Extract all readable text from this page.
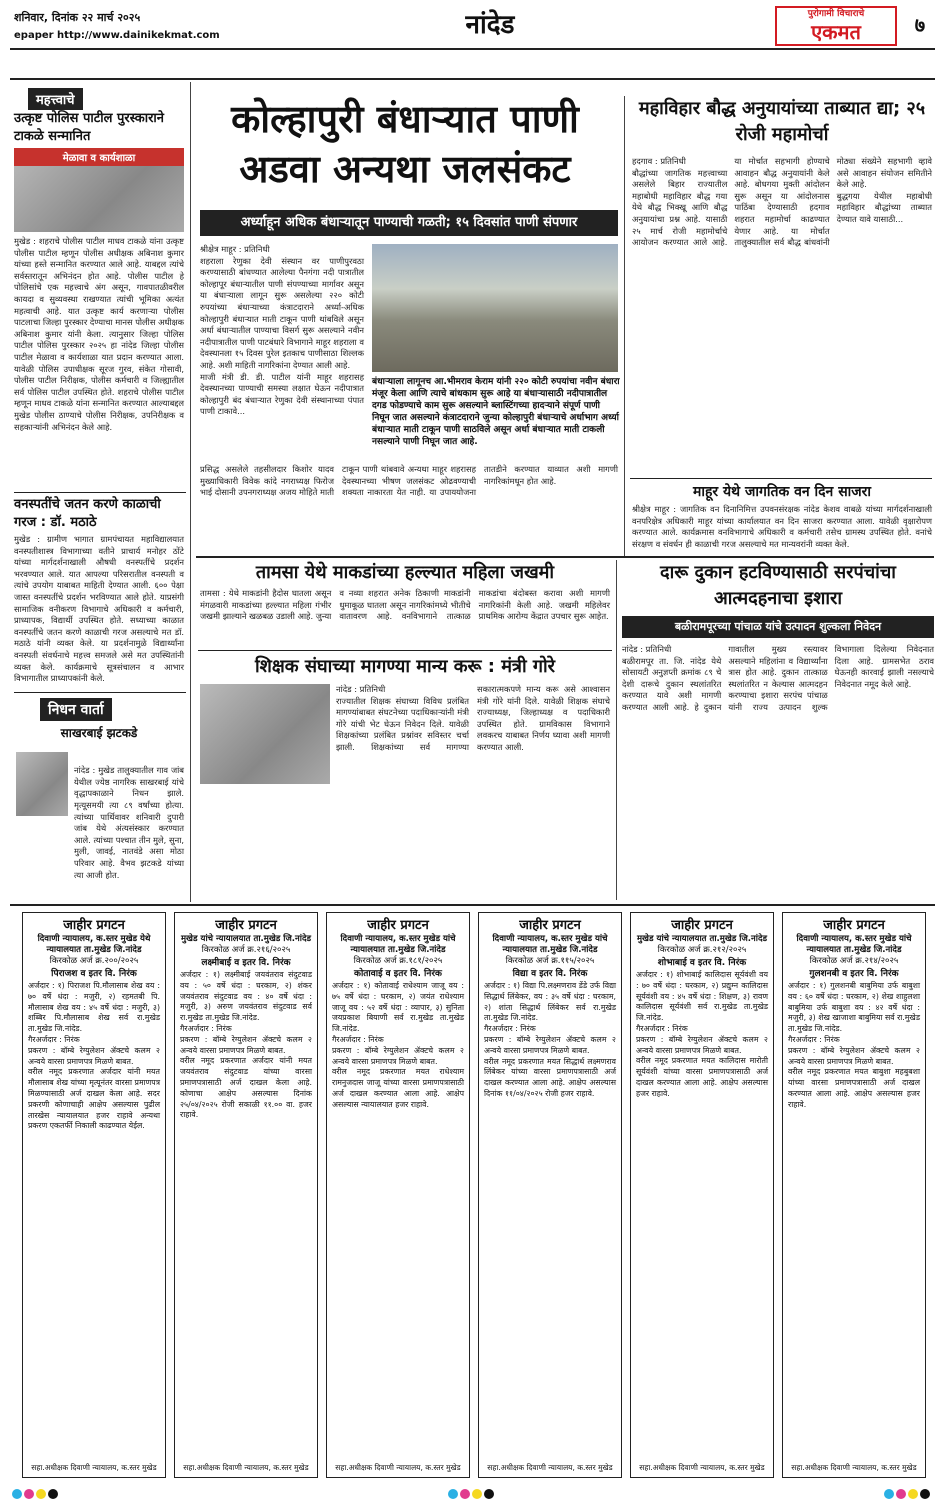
शनिवार, दिनांक २२ मार्च २०२५
epaper http://www.dainikekmat.com	नांदेड	पुरोगामी विचाराचे
एकमत	७
महत्त्वाचे
उत्कृष्ट पोलिस पाटील पुरस्काराने टाकळे सन्मानित
मेळावा व कार्यशाळा
मुखेड : शहराचे पोलीस पाटील माधव टाकळे यांना उत्कृष्ट पोलीस पाटील म्हणून पोलीस अधीक्षक अबिनाश कुमार यांच्या हस्ते सन्मानित करण्यात आले आहे. याबद्दल त्यांचे सर्वस्तरातून अभिनंदन होत आहे. पोलीस पाटील हे पोलिसांचे एक महत्त्वाचे अंग असून, गावपातळीवरील कायदा व सुव्यवस्था राखण्यात त्यांची भूमिका अत्यंत महत्वाची आहे. यात उत्कृष्ट कार्य करणाऱ्या पोलीस पाटलाचा जिल्हा पुरस्कार देण्याचा मानस पोलीस अधीक्षक अबिनाश कुमार यांनी केला. त्यानुसार जिल्हा पोलिस पाटील पोलिस पुरस्कार २०२५ हा नांदेड जिल्हा पोलीस पाटील मेळावा व कार्यशाळा यात प्रदान करण्यात आला. यावेळी पोलिस उपाधीक्षक सूरज गुरव, संकेत गोसावी, पोलीस पाटील निरीक्षक, पोलीस कर्मचारी व जिल्ह्यातील सर्व पोलिस पाटील उपस्थित होते. शहराचे पोलीस पाटील म्हणून माधव टाकळे यांना सन्मानित करण्यात आल्याबद्दल मुखेड पोलीस ठाण्याचे पोलीस निरीक्षक, उपनिरीक्षक व सहकाऱ्यांनी अभिनंदन केले आहे.
वनस्पतींचे जतन करणे काळाची गरज : डॉ. मठाठे
मुखेड : ग्रामीण भागात ग्रामपंचायत महाविद्यालयात वनस्पतीशास्त्र विभागाच्या वतीने प्राचार्य मनोहर ठोंटे यांच्या मार्गदर्शनाखाली औषधी वनस्पतींचे प्रदर्शन भरवण्यात आले. यात आपल्या परिसरातील वनस्पती व त्यांचे उपयोग याबाबत माहिती देण्यात आली. ६०० पेक्षा जास्त वनस्पतींचे प्रदर्शन भरविण्यात आले होते. याप्रसंगी सामाजिक वनीकरण विभागाचे अधिकारी व कर्मचारी, प्राध्यापक, विद्यार्थी उपस्थित होते. सध्याच्या काळात वनस्पतींचे जतन करणे काळाची गरज असल्याचे मत डॉ. मठाठे यांनी व्यक्त केले. या प्रदर्शनामुळे विद्यार्थ्यांना वनस्पती संवर्धनाचे महत्त्व समजले असे मत उपस्थितांनी व्यक्त केले. कार्यक्रमाचे सूत्रसंचालन व आभार विभागातील प्राध्यापकांनी केले.
निधन वार्ता
साखरबाई झटकडे

नांदेड : मुखेड तालुक्यातील गाव जांब येथील ज्येष्ठ नागरिक साखरबाई यांचे वृद्धापकाळाने निधन झाले. मृत्यूसमयी त्या ८९ वर्षांच्या होत्या. त्यांच्या पार्थिवावर शनिवारी दुपारी जांब येथे अंत्यसंस्कार करण्यात आले. त्यांच्या पश्चात तीन मुले, सुना, मुली, जावई, नातवंडे असा मोठा परिवार आहे. वैभव झटकडे यांच्या त्या आजी होत.

कोल्हापुरी बंधाऱ्यात पाणी अडवा अन्यथा जलसंकट
अर्ध्याहून अधिक बंधाऱ्यातून पाण्याची गळती; १५ दिवसांत पाणी संपणार
श्रीक्षेत्र माहूर : प्रतिनिधी
शहराला रेणुका देवी संस्थान वर पाणीपुरवठा करण्यासाठी बांधण्यात आलेल्या पैनगंगा नदी पात्रातील कोल्हापूर बंधाऱ्यातील पाणी संपण्याच्या मार्गावर असून या बंधाऱ्याला लागून सुरू असलेल्या २२० कोटी रुपयांच्या बंधाऱ्याच्या कंत्राटदाराने अर्ध्या-अधिक कोल्हापुरी बंधाऱ्यात माती टाकून पाणी थांबविले असून अर्धा बंधाऱ्यातील पाण्याचा विसर्ग सुरू असल्याने नवीन नदीपात्रातील पाणी पाटबंधारे विभागाने माहूर शहराला व देवस्थानला १५ दिवस पुरेल इतकाच पाणीसाठा शिल्लक आहे. अशी माहिती नागरिकांना देण्यात आली आहे.
माजी मंत्री डी. डी. पाटील यांनी माहूर शहरासह देवस्थानच्या पाण्याची समस्या लक्षात घेऊन नदीपात्रात कोल्हापुरी बंद बंधाऱ्यात रेणुका देवी संस्थानाच्या पंपात पाणी टाकावे...
बंधाऱ्याला लागूनच आ.भीमराव केराम यांनी २२० कोटी रुपयांचा नवीन बंधारा मंजूर केला आणि त्याचे बांधकाम सुरू आहे या बंधाऱ्यासाठी नदीपात्रातील दगड फोडण्याचे काम सुरू असल्याने ब्लास्टिंगच्या हादऱ्याने संपूर्ण पाणी निघून जात असल्याने कंत्राटदाराने जुन्या कोल्हापुरी बंधाऱ्याचे अर्धाभाग अर्ध्या बंधाऱ्यात माती टाकून पाणी साठविले असून अर्धा बंधाऱ्यात माती टाकली नसल्याने पाणी निघून जात आहे.
प्रसिद्ध असलेले तहसीलदार किशोर यादव मुख्याधिकारी विवेक कांदे नगराध्यक्ष फिरोज भाई दोसानी उपनगराध्यक्ष अजय मोहिते माती टाकून पाणी थांबवावे अन्यथा माहूर शहरासह देवस्थानच्या भीषण जलसंकट ओढवण्याची शक्यता नाकारता येत नाही. या उपाययोजना तातडीने करण्यात याव्यात अशी मागणी नागरिकांमधून होत आहे.
महाविहार बौद्ध अनुयायांच्या ताब्यात द्या; २५ रोजी महामोर्चा
हदगाव : प्रतिनिधी
बौद्धांच्या जागतिक महत्त्वाच्या असलेले बिहार राज्यातील महाबोधी महाविहार बौद्ध गया येथे बौद्ध भिक्खू आणि बौद्ध अनुयायांचा प्रश्न आहे. यासाठी २५ मार्च रोजी महामोर्चाचे आयोजन करण्यात आले आहे. या मोर्चात सहभागी होण्याचे आवाहन बौद्ध अनुयायांनी केले आहे. बोधगया मुक्ती आंदोलन सुरू असून या आंदोलनास पाठिंबा देण्यासाठी हदगाव शहरात महामोर्चा काढण्यात येणार आहे. या मोर्चात तालुक्यातील सर्व बौद्ध बांधवांनी मोठ्या संख्येने सहभागी व्हावे असे आवाहन संयोजन समितीने केले आहे.
बुद्धगया येथील महाबोधी महाविहार बौद्धांच्या ताब्यात देण्यात यावे यासाठी...
माहूर येथे जागतिक वन दिन साजरा
श्रीक्षेत्र माहूर : जागतिक वन दिनानिमित्त उपवनसंरक्षक नांदेड केशव वाबळे यांच्या मार्गदर्शनाखाली वनपरिक्षेत्र अधिकारी माहूर यांच्या कार्यालयात वन दिन साजरा करण्यात आला. यावेळी वृक्षारोपण करण्यात आले. कार्यक्रमास वनविभागाचे अधिकारी व कर्मचारी तसेच ग्रामस्थ उपस्थित होते. वनांचे संरक्षण व संवर्धन ही काळाची गरज असल्याचे मत मान्यवरांनी व्यक्त केले.
तामसा येथे माकडांच्या हल्ल्यात महिला जखमी
तामसा : येथे माकडांनी हैदोस घातला असून मंगळवारी माकडांच्या हल्ल्यात महिला गंभीर जखमी झाल्याने खळबळ उडाली आहे. जुन्या व नव्या शहरात अनेक ठिकाणी माकडांनी धुमाकूळ घातला असून नागरिकांमध्ये भीतीचे वातावरण आहे. वनविभागाने तात्काळ माकडांचा बंदोबस्त करावा अशी मागणी नागरिकांनी केली आहे. जखमी महिलेवर प्राथमिक आरोग्य केंद्रात उपचार सुरू आहेत.
शिक्षक संघाच्या मागण्या मान्य करू : मंत्री गोरे
नांदेड : प्रतिनिधी
राज्यातील शिक्षक संघाच्या विविध प्रलंबित मागण्यांबाबत संघटनेच्या पदाधिकाऱ्यांनी मंत्री गोरे यांची भेट घेऊन निवेदन दिले. यावेळी शिक्षकांच्या प्रलंबित प्रश्नांवर सविस्तर चर्चा झाली. शिक्षकांच्या सर्व मागण्या सकारात्मकपणे मान्य करू असे आश्वासन मंत्री गोरे यांनी दिले. यावेळी शिक्षक संघाचे राज्याध्यक्ष, जिल्हाध्यक्ष व पदाधिकारी उपस्थित होते. ग्रामविकास विभागाने लवकरच याबाबत निर्णय घ्यावा अशी मागणी करण्यात आली.
दारू दुकान हटविण्यासाठी सरपंचांचा आत्मदहनाचा इशारा
बळीरामपूरच्या पांचाळ यांचे उत्पादन शुल्कला निवेदन
नांदेड : प्रतिनिधी
बळीरामपूर ता. जि. नांदेड येथे सोसायटी अनुज्ञप्ती क्रमांक ८९ चे देशी दारूचे दुकान स्थलांतरित करण्यात यावे अशी मागणी करण्यात आली आहे. हे दुकान गावातील मुख्य रस्त्यावर असल्याने महिलांना व विद्यार्थ्यांना त्रास होत आहे. दुकान तात्काळ स्थलांतरित न केल्यास आत्मदहन करण्याचा इशारा सरपंच पांचाळ यांनी राज्य उत्पादन शुल्क विभागाला दिलेल्या निवेदनात दिला आहे. ग्रामसभेत ठराव घेऊनही कारवाई झाली नसल्याचे निवेदनात नमूद केले आहे.
जाहीर प्रगटन
दिवाणी न्यायालय, क.स्तर मुखेड येथे न्यायालयात ता.मुखेड जि.नांदेड
किरकोळ अर्ज क्र.२००/२०२५
पिराजश व इतर वि. निरंक
अर्जदार : १) पिराजश पि.मौलासाब शेख वय : ७० वर्षे धंदा : मजुरी, २) रहमतबी पि. मौलासाब शेख वय : ४५ वर्षे धंदा : मजुरी, ३) शब्बिर पि.मौलासाब शेख सर्व रा.मुखेड ता.मुखेड जि.नांदेड.
गैरअर्जदार : निरंक
प्रकरण : बॉम्बे रेग्युलेशन ॲक्टचे कलम २ अन्वये वारसा प्रमाणपत्र मिळणे बाबत.
वरील नमूद प्रकरणात अर्जदार यांनी मयत मौलासाब शेख यांच्या मृत्यूनंतर वारसा प्रमाणपत्र मिळण्यासाठी अर्ज दाखल केला आहे. सदर प्रकरणी कोणाचाही आक्षेप असल्यास पुढील तारखेस न्यायालयात हजर राहावे अन्यथा प्रकरण एकतर्फी निकाली काढण्यात येईल.
सहा.अधीक्षक दिवाणी न्यायालय, क.स्तर मुखेड
जाहीर प्रगटन
मुखेड यांचे न्यायालयात ता.मुखेड जि.नांदेड
किरकोळ अर्ज क्र.२१६/२०२५
लक्ष्मीबाई व इतर वि. निरंक
अर्जदार : १) लक्ष्मीबाई जयवंतराव संदुटवाड वय : ५० वर्षे धंदा : घरकाम, २) शंकर जयवंतराव संदुटवाड वय : ४० वर्षे धंदा : मजुरी, ३) अरुण जयवंतराव संदुटवाड सर्व रा.मुखेड ता.मुखेड जि.नांदेड.
गैरअर्जदार : निरंक
प्रकरण : बॉम्बे रेग्युलेशन ॲक्टचे कलम २ अन्वये वारसा प्रमाणपत्र मिळणे बाबत.
वरील नमूद प्रकरणात अर्जदार यांनी मयत जयवंतराव संदुटवाड यांच्या वारसा प्रमाणपत्रासाठी अर्ज दाखल केला आहे. कोणाचा आक्षेप असल्यास दिनांक २५/०४/२०२५ रोजी सकाळी ११.०० वा. हजर राहावे.
सहा.अधीक्षक दिवाणी न्यायालय, क.स्तर मुखेड
जाहीर प्रगटन
दिवाणी न्यायालय, क.स्तर मुखेड यांचे न्यायालयात ता.मुखेड जि.नांदेड
किरकोळ अर्ज क्र.१८१/२०२५
कोतावाई व इतर वि. निरंक
अर्जदार : १) कोतावाई राधेश्याम जाजू वय : ७५ वर्षे धंदा : घरकाम, २) जयंत राधेश्याम जाजू वय : ५२ वर्षे धंदा : व्यापार, ३) सुनिता जयप्रकाश बियाणी सर्व रा.मुखेड ता.मुखेड जि.नांदेड.
गैरअर्जदार : निरंक
प्रकरण : बॉम्बे रेग्युलेशन ॲक्टचे कलम २ अन्वये वारसा प्रमाणपत्र मिळणे बाबत.
वरील नमूद प्रकरणात मयत राधेश्याम रामनुजदास जाजू यांच्या वारसा प्रमाणपत्रासाठी अर्ज दाखल करण्यात आला आहे. आक्षेप असल्यास न्यायालयात हजर राहावे.
सहा.अधीक्षक दिवाणी न्यायालय, क.स्तर मुखेड
जाहीर प्रगटन
दिवाणी न्यायालय, क.स्तर मुखेड यांचे न्यायालयात ता.मुखेड जि.नांदेड
किरकोळ अर्ज क्र.११५/२०२५
विद्या व इतर वि. निरंक
अर्जदार : १) विद्या पि.लक्ष्मणराव डेंडे उर्फ विद्या सिद्धार्थ लिंबेकर, वय : ३५ वर्षे धंदा : घरकाम, २) शांता सिद्धार्थ लिंबेकर सर्व रा.मुखेड ता.मुखेड जि.नांदेड.
गैरअर्जदार : निरंक
प्रकरण : बॉम्बे रेग्युलेशन ॲक्टचे कलम २ अन्वये वारसा प्रमाणपत्र मिळणे बाबत.
वरील नमूद प्रकरणात मयत सिद्धार्थ लक्ष्मणराव लिंबेकर यांच्या वारसा प्रमाणपत्रासाठी अर्ज दाखल करण्यात आला आहे. आक्षेप असल्यास दिनांक ११/०४/२०२५ रोजी हजर राहावे.
सहा.अधीक्षक दिवाणी न्यायालय, क.स्तर मुखेड
जाहीर प्रगटन
मुखेड यांचे न्यायालयात ता.मुखेड जि.नांदेड
किरकोळ अर्ज क्र.२१२/२०२५
शोभाबाई व इतर वि. निरंक
अर्जदार : १) शोभाबाई कालिदास सूर्यवंशी वय : ७० वर्षे धंदा : घरकाम, २) प्रद्युम्न कालिदास सूर्यवंशी वय : ४५ वर्षे धंदा : शिक्षण, ३) रावण कालिदास सूर्यवंशी सर्व रा.मुखेड ता.मुखेड जि.नांदेड.
गैरअर्जदार : निरंक
प्रकरण : बॉम्बे रेग्युलेशन ॲक्टचे कलम २ अन्वये वारसा प्रमाणपत्र मिळणे बाबत.
वरील नमूद प्रकरणात मयत कालिदास मारोती सूर्यवंशी यांच्या वारसा प्रमाणपत्रासाठी अर्ज दाखल करण्यात आला आहे. आक्षेप असल्यास हजर राहावे.
सहा.अधीक्षक दिवाणी न्यायालय, क.स्तर मुखेड
जाहीर प्रगटन
दिवाणी न्यायालय, क.स्तर मुखेड यांचे न्यायालयात ता.मुखेड जि.नांदेड
किरकोळ अर्ज क्र.२१४/२०२५
गुलशनबी व इतर वि. निरंक
अर्जदार : १) गुलशनबी बाबुमिया उर्फ बाबुशा वय : ६० वर्षे धंदा : घरकाम, २) शेख शाहुलशा बाबुमिया उर्फ बाबुशा वय : ४२ वर्षे धंदा : मजुरी, ३) शेख खाजाशा बाबुमिया सर्व रा.मुखेड ता.मुखेड जि.नांदेड.
गैरअर्जदार : निरंक
प्रकरण : बॉम्बे रेग्युलेशन ॲक्टचे कलम २ अन्वये वारसा प्रमाणपत्र मिळणे बाबत.
वरील नमूद प्रकरणात मयत बाबुशा महबुबशा यांच्या वारसा प्रमाणपत्रासाठी अर्ज दाखल करण्यात आला आहे. आक्षेप असल्यास हजर राहावे.
सहा.अधीक्षक दिवाणी न्यायालय, क.स्तर मुखेड
